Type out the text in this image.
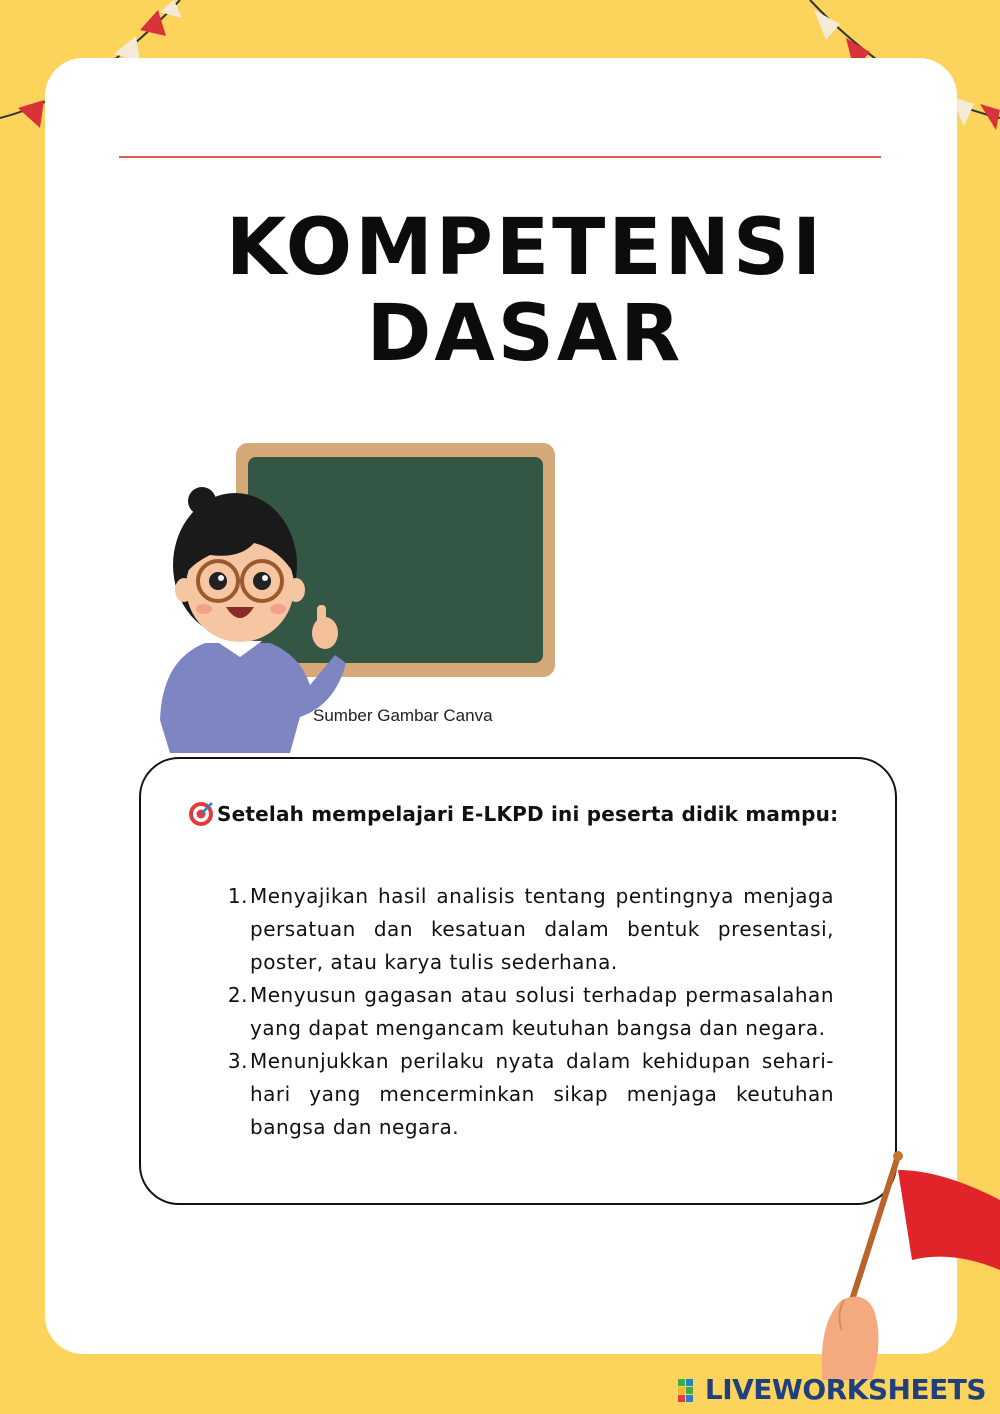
KOMPETENSI
DASAR
Sumber Gambar Canva
Setelah mempelajari E-LKPD ini peserta didik mampu:
1. Menyajikan hasil analisis tentang pentingnya menjaga persatuan dan kesatuan dalam bentuk presentasi, poster, atau karya tulis sederhana.
2. Menyusun gagasan atau solusi terhadap permasalahan yang dapat mengancam keutuhan bangsa dan negara.
3. Menunjukkan perilaku nyata dalam kehidupan sehari-hari yang mencerminkan sikap menjaga keutuhan bangsa dan negara.
LIVEWORKSHEETS
